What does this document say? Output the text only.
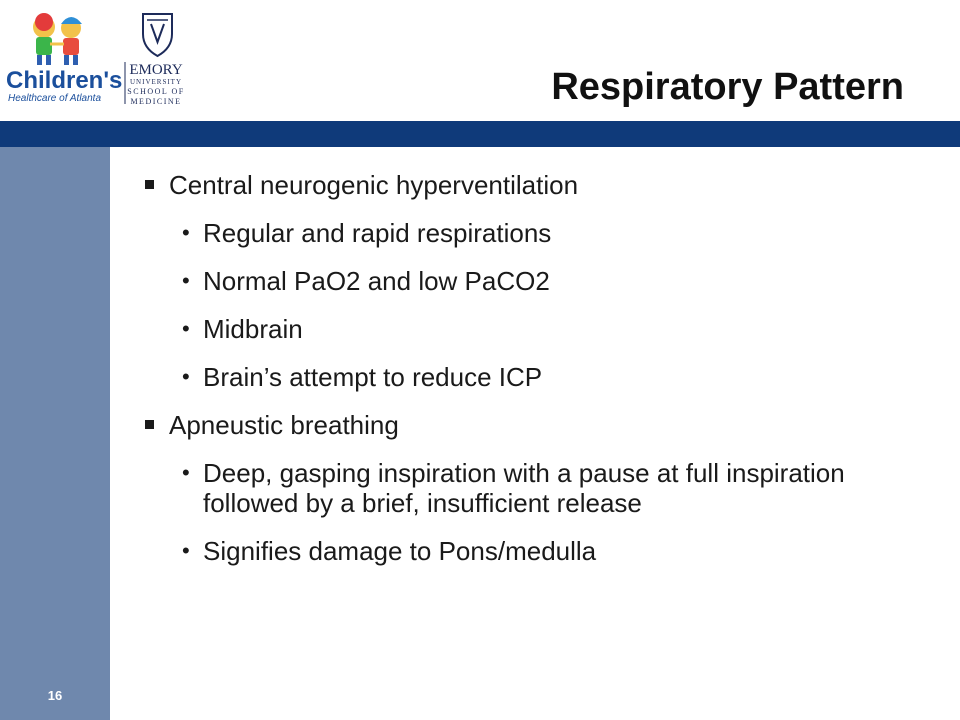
Children's
Healthcare of Atlanta
EMORY
UNIVERSITY
SCHOOL OF
MEDICINE	Respiratory Pattern
16
Central neurogenic hyperventilation
• Regular and rapid respirations
• Normal PaO2 and low PaCO2
• Midbrain
• Brain’s attempt to reduce ICP
Apneustic breathing
• Deep, gasping inspiration with a pause at full inspiration followed by a brief, insufficient release
• Signifies damage to Pons/medulla
